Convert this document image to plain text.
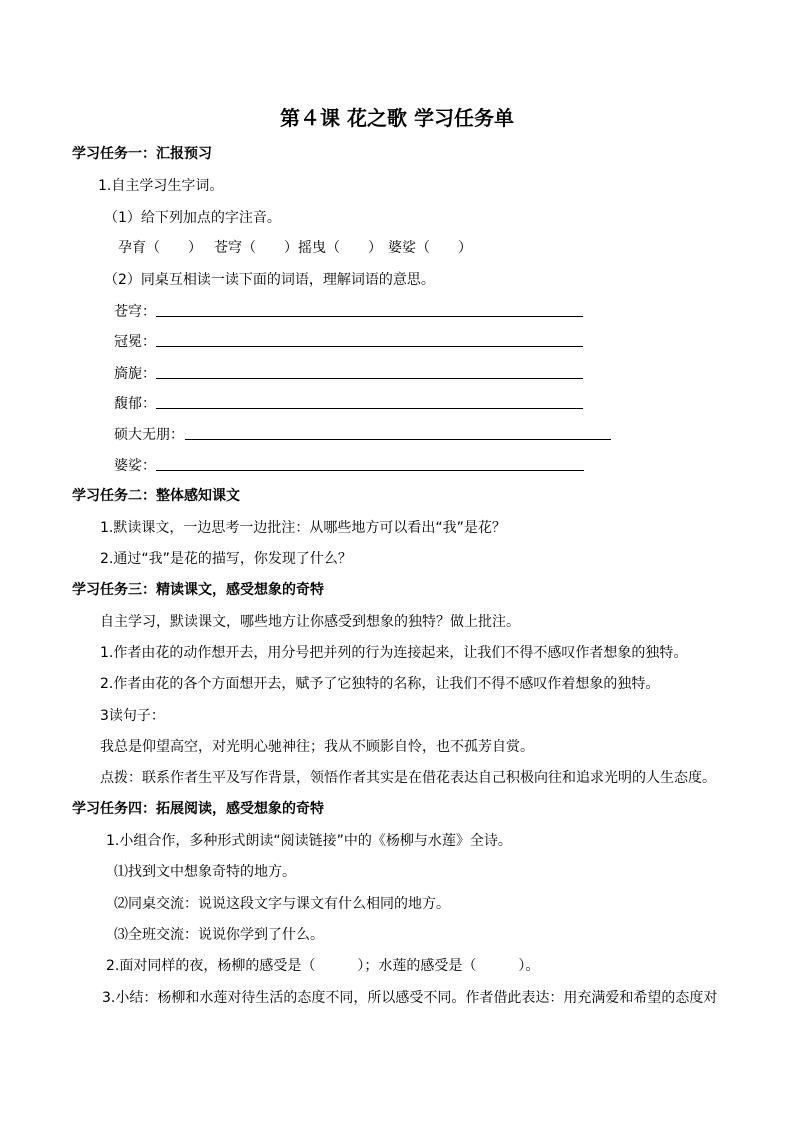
第４课 花之歌 学习任务单
学习任务一：汇报预习
1.自主学习生字词。
（1）给下列加点的字注音。
孕育（　　） 苍穹（　　）摇曳（　　） 婆娑（　　）
（2）同桌互相读一读下面的词语，理解词语的意思。
苍穹：
冠冕：
旖旎：
馥郁：
硕大无朋：
婆娑：
学习任务二：整体感知课文
1.默读课文，一边思考一边批注：从哪些地方可以看出“我”是花？
2.通过“我”是花的描写，你发现了什么？
学习任务三：精读课文，感受想象的奇特
自主学习，默读课文，哪些地方让你感受到想象的独特？做上批注。
1.作者由花的动作想开去，用分号把并列的行为连接起来，让我们不得不感叹作者想象的独特。
2.作者由花的各个方面想开去，赋予了它独特的名称，让我们不得不感叹作着想象的独特。
3读句子：
我总是仰望高空，对光明心驰神往；我从不顾影自怜，也不孤芳自赏。
点拨：联系作者生平及写作背景，领悟作者其实是在借花表达自己积极向往和追求光明的人生态度。
学习任务四：拓展阅读，感受想象的奇特
1.小组合作，多种形式朗读“阅读链接”中的《杨柳与水莲》全诗。
⑴找到文中想象奇特的地方。
⑵同桌交流：说说这段文字与课文有什么相同的地方。
⑶全班交流：说说你学到了什么。
2.面对同样的夜，杨柳的感受是（　　　）；水莲的感受是（　　　）。
3.小结：杨柳和水莲对待生活的态度不同，所以感受不同。作者借此表达：用充满爱和希望的态度对
